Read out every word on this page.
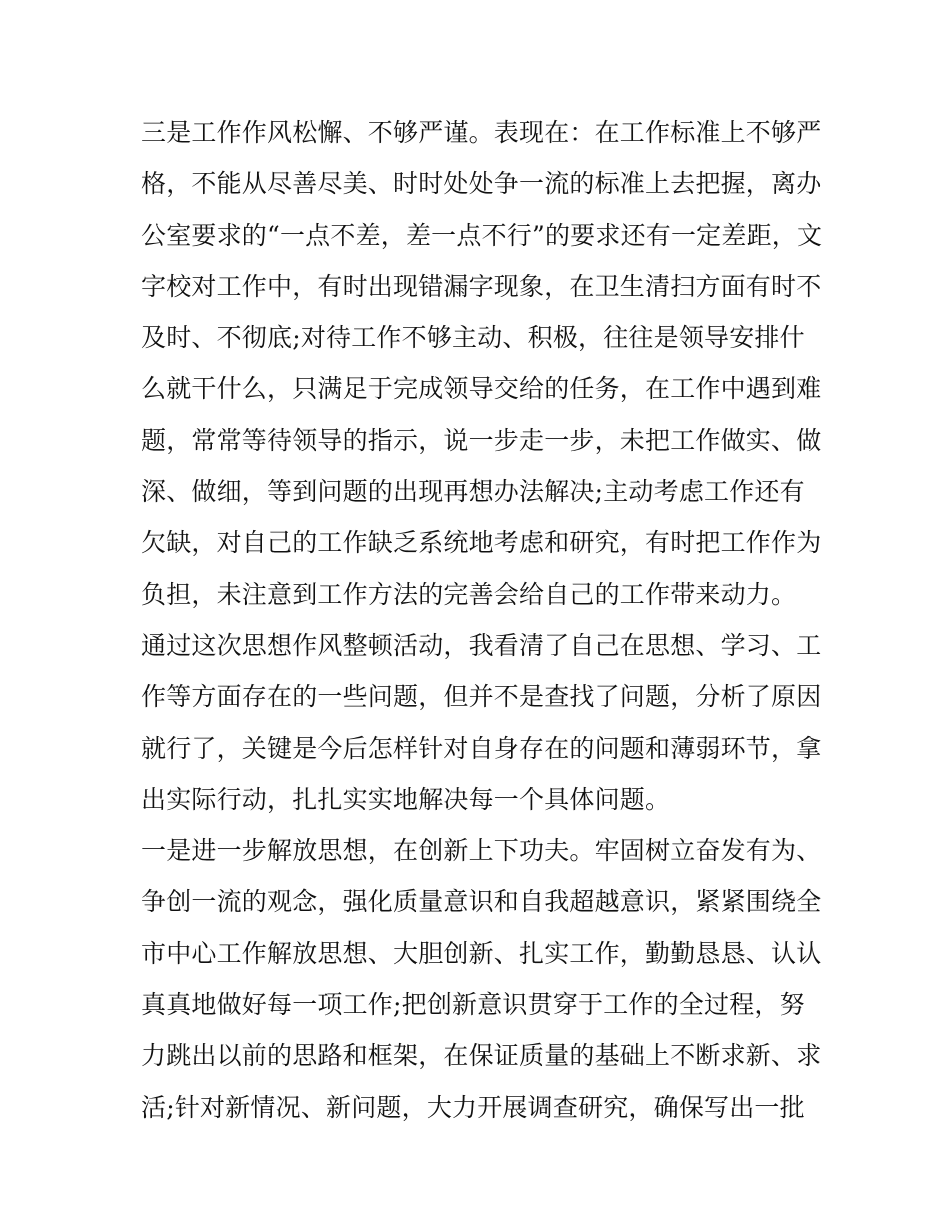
三是工作作风松懈、不够严谨。表现在：在工作标准上不够严
格，不能从尽善尽美、时时处处争一流的标准上去把握，离办
公室要求的“一点不差，差一点不行”的要求还有一定差距，文
字校对工作中，有时出现错漏字现象，在卫生清扫方面有时不
及时、不彻底;对待工作不够主动、积极，往往是领导安排什
么就干什么，只满足于完成领导交给的任务，在工作中遇到难
题，常常等待领导的指示，说一步走一步，未把工作做实、做
深、做细，等到问题的出现再想办法解决;主动考虑工作还有
欠缺，对自己的工作缺乏系统地考虑和研究，有时把工作作为
负担，未注意到工作方法的完善会给自己的工作带来动力。
通过这次思想作风整顿活动，我看清了自己在思想、学习、工
作等方面存在的一些问题，但并不是查找了问题，分析了原因
就行了，关键是今后怎样针对自身存在的问题和薄弱环节，拿
出实际行动，扎扎实实地解决每一个具体问题。
一是进一步解放思想，在创新上下功夫。牢固树立奋发有为、
争创一流的观念，强化质量意识和自我超越意识，紧紧围绕全
市中心工作解放思想、大胆创新、扎实工作，勤勤恳恳、认认
真真地做好每一项工作;把创新意识贯穿于工作的全过程，努
力跳出以前的思路和框架，在保证质量的基础上不断求新、求
活;针对新情况、新问题，大力开展调查研究，确保写出一批
